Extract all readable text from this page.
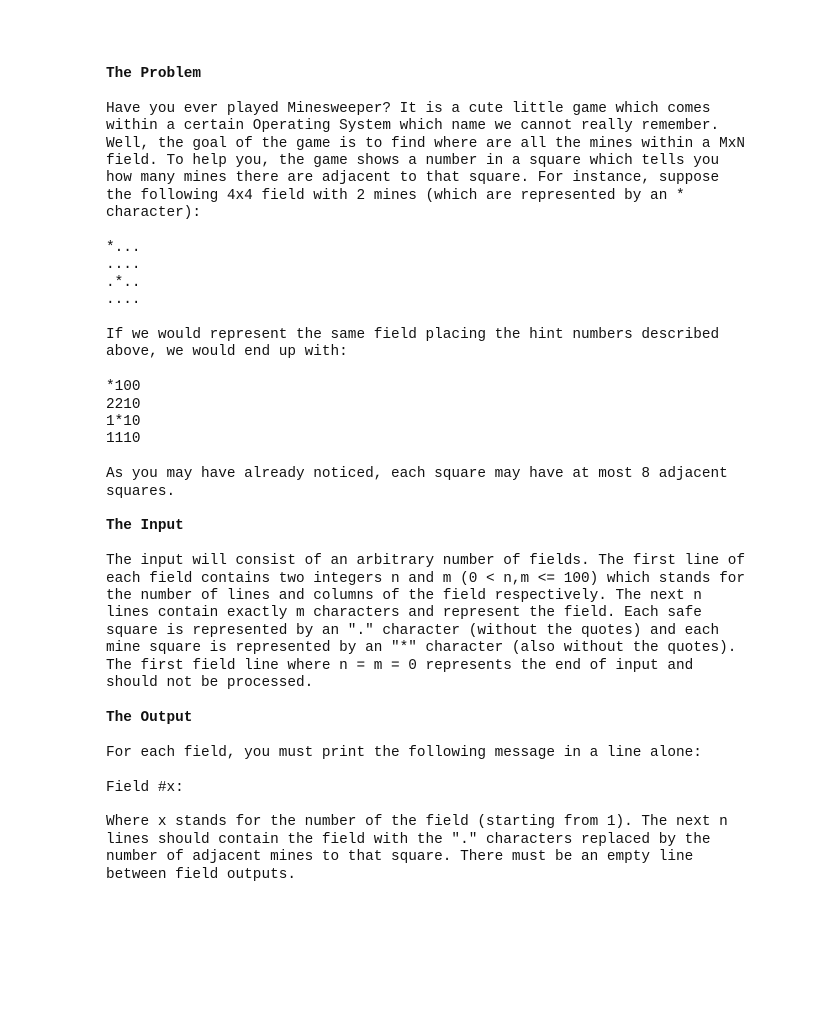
The Problem

Have you ever played Minesweeper? It is a cute little game which comes
within a certain Operating System which name we cannot really remember.
Well, the goal of the game is to find where are all the mines within a MxN
field. To help you, the game shows a number in a square which tells you
how many mines there are adjacent to that square. For instance, suppose
the following 4x4 field with 2 mines (which are represented by an *
character):

*...
....
.*..
....

If we would represent the same field placing the hint numbers described
above, we would end up with:

*100
2210
1*10
1110

As you may have already noticed, each square may have at most 8 adjacent
squares.

The Input

The input will consist of an arbitrary number of fields. The first line of
each field contains two integers n and m (0 < n,m <= 100) which stands for
the number of lines and columns of the field respectively. The next n
lines contain exactly m characters and represent the field. Each safe
square is represented by an "." character (without the quotes) and each
mine square is represented by an "*" character (also without the quotes).
The first field line where n = m = 0 represents the end of input and
should not be processed.

The Output

For each field, you must print the following message in a line alone:

Field #x:

Where x stands for the number of the field (starting from 1). The next n
lines should contain the field with the "." characters replaced by the
number of adjacent mines to that square. There must be an empty line
between field outputs.
